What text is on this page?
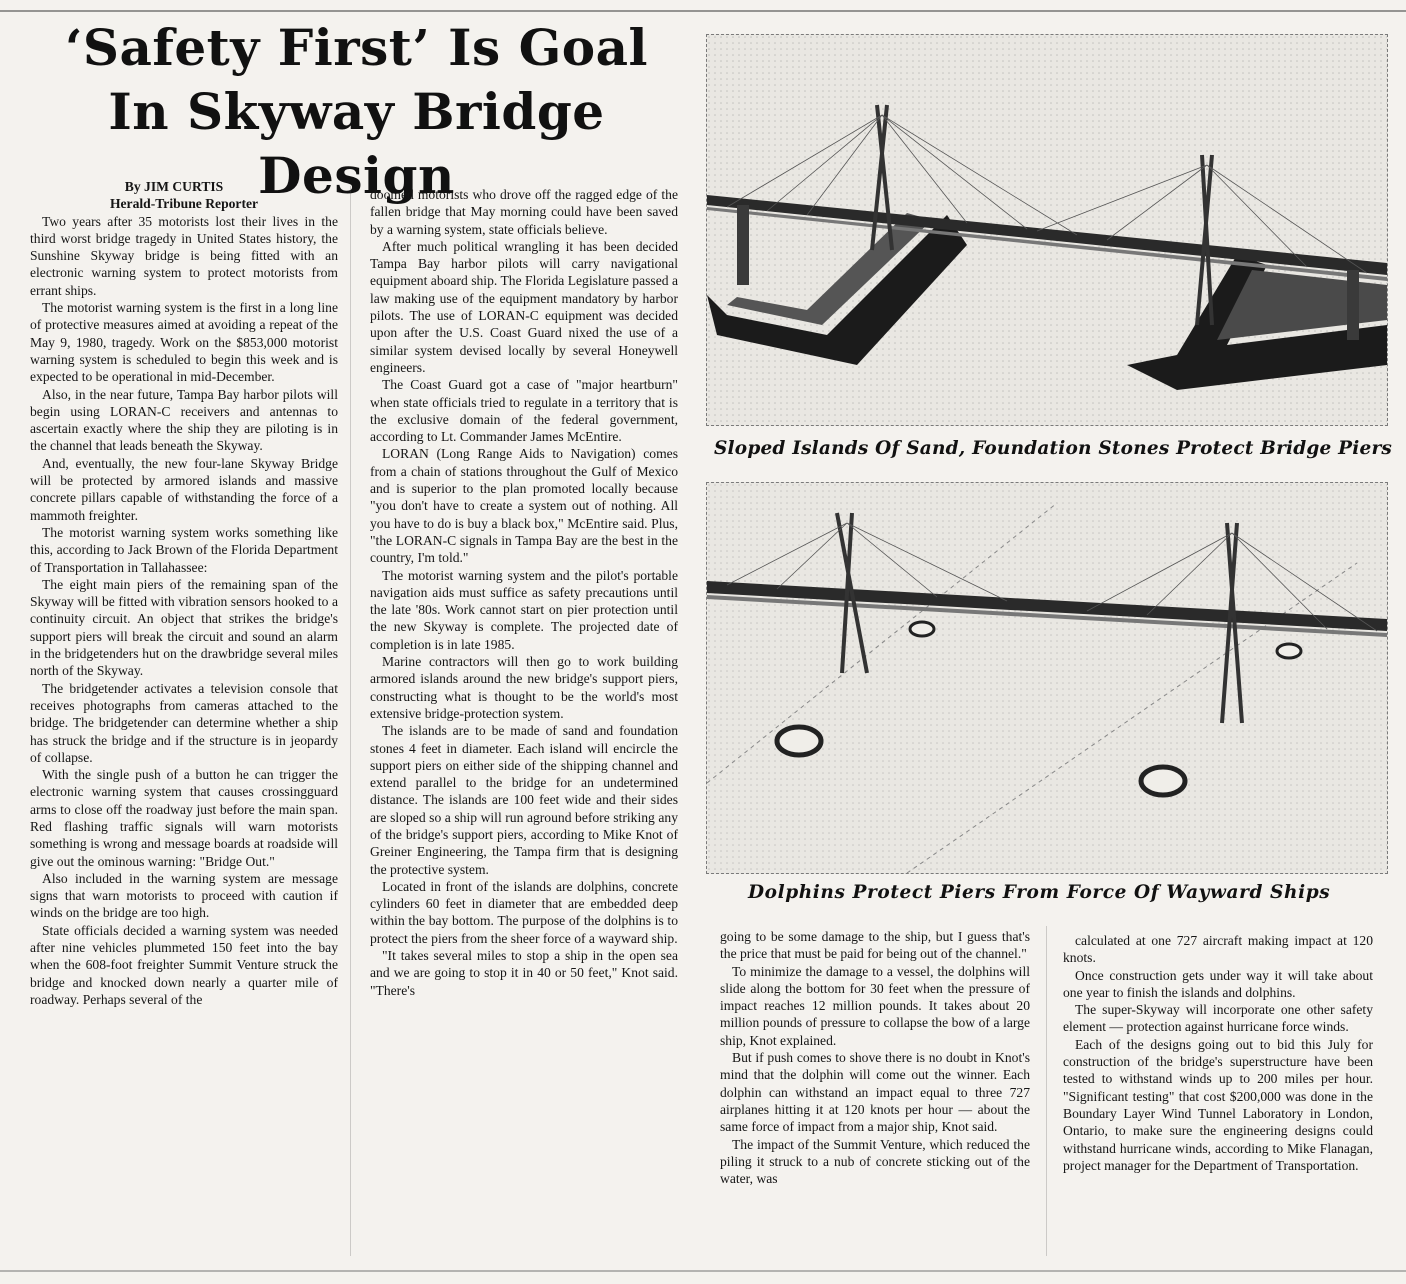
‘Safety First’ Is Goal
In Skyway Bridge Design
By JIM CURTIS
Herald-Tribune Reporter

Two years after 35 motorists lost their lives in the third worst bridge tragedy in United States history, the Sunshine Skyway bridge is being fitted with an electronic warning system to protect motorists from errant ships.

The motorist warning system is the first in a long line of protective measures aimed at avoiding a repeat of the May 9, 1980, tragedy. Work on the $853,000 motorist warning system is scheduled to begin this week and is expected to be operational in mid-December.

Also, in the near future, Tampa Bay harbor pilots will begin using LORAN-C receivers and antennas to ascertain exactly where the ship they are piloting is in the channel that leads beneath the Skyway.

And, eventually, the new four-lane Skyway Bridge will be protected by armored islands and massive concrete pillars capable of withstanding the force of a mammoth freighter.

The motorist warning system works something like this, according to Jack Brown of the Florida Department of Transportation in Tallahassee:

The eight main piers of the remaining span of the Skyway will be fitted with vibration sensors hooked to a continuity circuit. An object that strikes the bridge's support piers will break the circuit and sound an alarm in the bridgetenders hut on the drawbridge several miles north of the Skyway.

The bridgetender activates a television console that receives photographs from cameras attached to the bridge. The bridgetender can determine whether a ship has struck the bridge and if the structure is in jeopardy of collapse.

With the single push of a button he can trigger the electronic warning system that causes crossingguard arms to close off the roadway just before the main span. Red flashing traffic signals will warn motorists something is wrong and message boards at roadside will give out the ominous warning: "Bridge Out."

Also included in the warning system are message signs that warn motorists to proceed with caution if winds on the bridge are too high.

State officials decided a warning system was needed after nine vehicles plummeted 150 feet into the bay when the 608-foot freighter Summit Venture struck the bridge and knocked down nearly a quarter mile of roadway. Perhaps several of the

doomed motorists who drove off the ragged edge of the fallen bridge that May morning could have been saved by a warning system, state officials believe.

After much political wrangling it has been decided Tampa Bay harbor pilots will carry navigational equipment aboard ship. The Florida Legislature passed a law making use of the equipment mandatory by harbor pilots. The use of LORAN-C equipment was decided upon after the U.S. Coast Guard nixed the use of a similar system devised locally by several Honeywell engineers.

The Coast Guard got a case of "major heartburn" when state officials tried to regulate in a territory that is the exclusive domain of the federal government, according to Lt. Commander James McEntire.

LORAN (Long Range Aids to Navigation) comes from a chain of stations throughout the Gulf of Mexico and is superior to the plan promoted locally because "you don't have to create a system out of nothing. All you have to do is buy a black box," McEntire said. Plus, "the LORAN-C signals in Tampa Bay are the best in the country, I'm told."

The motorist warning system and the pilot's portable navigation aids must suffice as safety precautions until the late '80s. Work cannot start on pier protection until the new Skyway is complete. The projected date of completion is in late 1985.

Marine contractors will then go to work building armored islands around the new bridge's support piers, constructing what is thought to be the world's most extensive bridge-protection system.

The islands are to be made of sand and foundation stones 4 feet in diameter. Each island will encircle the support piers on either side of the shipping channel and extend parallel to the bridge for an undetermined distance. The islands are 100 feet wide and their sides are sloped so a ship will run aground before striking any of the bridge's support piers, according to Mike Knot of Greiner Engineering, the Tampa firm that is designing the protective system.

Located in front of the islands are dolphins, concrete cylinders 60 feet in diameter that are embedded deep within the bay bottom. The purpose of the dolphins is to protect the piers from the sheer force of a wayward ship.

"It takes several miles to stop a ship in the open sea and we are going to stop it in 40 or 50 feet," Knot said. "There's

Sloped Islands Of Sand, Foundation Stones Protect Bridge Piers
Dolphins Protect Piers From Force Of Wayward Ships

going to be some damage to the ship, but I guess that's the price that must be paid for being out of the channel."

To minimize the damage to a vessel, the dolphins will slide along the bottom for 30 feet when the pressure of impact reaches 12 million pounds. It takes about 20 million pounds of pressure to collapse the bow of a large ship, Knot explained.

But if push comes to shove there is no doubt in Knot's mind that the dolphin will come out the winner. Each dolphin can withstand an impact equal to three 727 airplanes hitting it at 120 knots per hour — about the same force of impact from a major ship, Knot said.

The impact of the Summit Venture, which reduced the piling it struck to a nub of concrete sticking out of the water, was

calculated at one 727 aircraft making impact at 120 knots.

Once construction gets under way it will take about one year to finish the islands and dolphins.

The super-Skyway will incorporate one other safety element — protection against hurricane force winds.

Each of the designs going out to bid this July for construction of the bridge's superstructure have been tested to withstand winds up to 200 miles per hour. "Significant testing" that cost $200,000 was done in the Boundary Layer Wind Tunnel Laboratory in London, Ontario, to make sure the engineering designs could withstand hurricane winds, according to Mike Flanagan, project manager for the Department of Transportation.
